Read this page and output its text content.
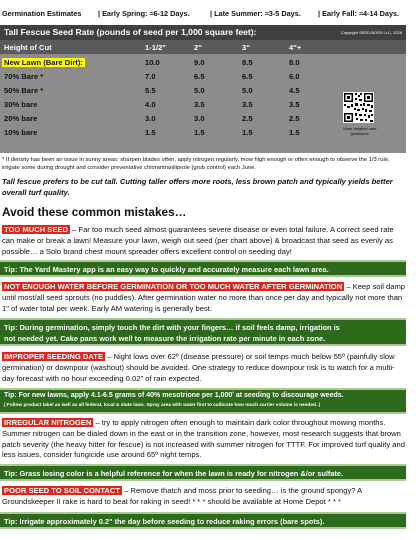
Germination Estimates	| Early Spring: ≈6-12 Days.	| Late Summer: ≈3-5 Days.	| Early Fall: ≈4-14 Days.
Tall Fescue Seed Rate (pounds of seed per 1,000 square feet):	Copyright SEED-BOSS LLC, 2026
Height of Cut	1-1/2"	2"	3"	4"+
New Lawn (Bare Dirt):	10.0	9.0	8.5	8.0
70% Bare *	7.0	6.5	6.5	6.0
50% Bare *	5.5	5.0	5.0	4.5
30% bare	4.0	3.5	3.5	3.5
20% bare	3.0	3.0	2.5	2.5
10% bare	1.5	1.5	1.5	1.5	More detailed care guidelines.
* If density has been an issue in sunny areas: sharpen blades often, apply nitrogen regularly, mow high enough or often enough to observe the 1/3 rule, irrigate some during drought and consider preventative chlorantraniliprole (grub control) each June.
Tall fescue prefers to be cut tall. Cutting taller offers more roots, less brown patch and typically yields better overall turf quality.
Avoid these common mistakes…
TOO MUCH SEED – Far too much seed almost guarantees severe disease or even total failure. A correct seed rate can make or break a lawn! Measure your lawn, weigh out seed (per chart above) & broadcast that seed as evenly as possible… a Solo brand chest mount spreader offers excellent control on seeding day!
Tip: The Yard Mastery app is an easy way to quickly and accurately measure each lawn area.
NOT ENOUGH WATER BEFORE GERMINATION OR TOO MUCH WATER AFTER GERMINATION – Keep soil damp until most/all seed sprouts (no puddles). After germination water no more than once per day and typically not more than 1" of water total per week. Early AM watering is generally best.
Tip: During germination, simply touch the dirt with your fingers… if soil feels damp, irrigation is
not needed yet. Cake pans work well to measure the irrigation rate per minute in each zone.
IMPROPER SEEDING DATE – Night lows over 62º (disease pressure) or soil temps much below 55º (painfully slow germination) or downpour (washout) should be avoided. One strategy to reduce downpour risk is to watch for a multi-day forecast with no hour exceeding 0.02" of rain expected.
Tip: For new lawns, apply 4.1-6.5 grams of 40% mesotrione per 1,000ʹ at seeding to discourage weeds.
( Follow product label as well as all federal, local & state laws. Spray area with water first to calibrate how much carrier volume is needed. )
IRREGULAR NITROGEN – try to apply nitrogen often enough to maintain dark color throughout mowing months. Summer nitrogen can be dialed down in the east or in the transition zone, however, most research suggests that brown patch severity (the heavy hitter for fescue) is not increased with summer nitrogen for TTTF. For improved turf quality and less issues, consider fungicide use around 65º night temps.
Tip: Grass losing color is a helpful reference for when the lawn is ready for nitrogen &/or sulfate.
POOR SEED TO SOIL CONTACT – Remove thatch and moss prior to seeding… is the ground spongy? A Groundskeeper II rake is hard to beat for raking in seed! * * * should be available at Home Depot * * *
Tip: Irrigate approximately 0.2" the day before seeding to reduce raking errors (bare spots).
